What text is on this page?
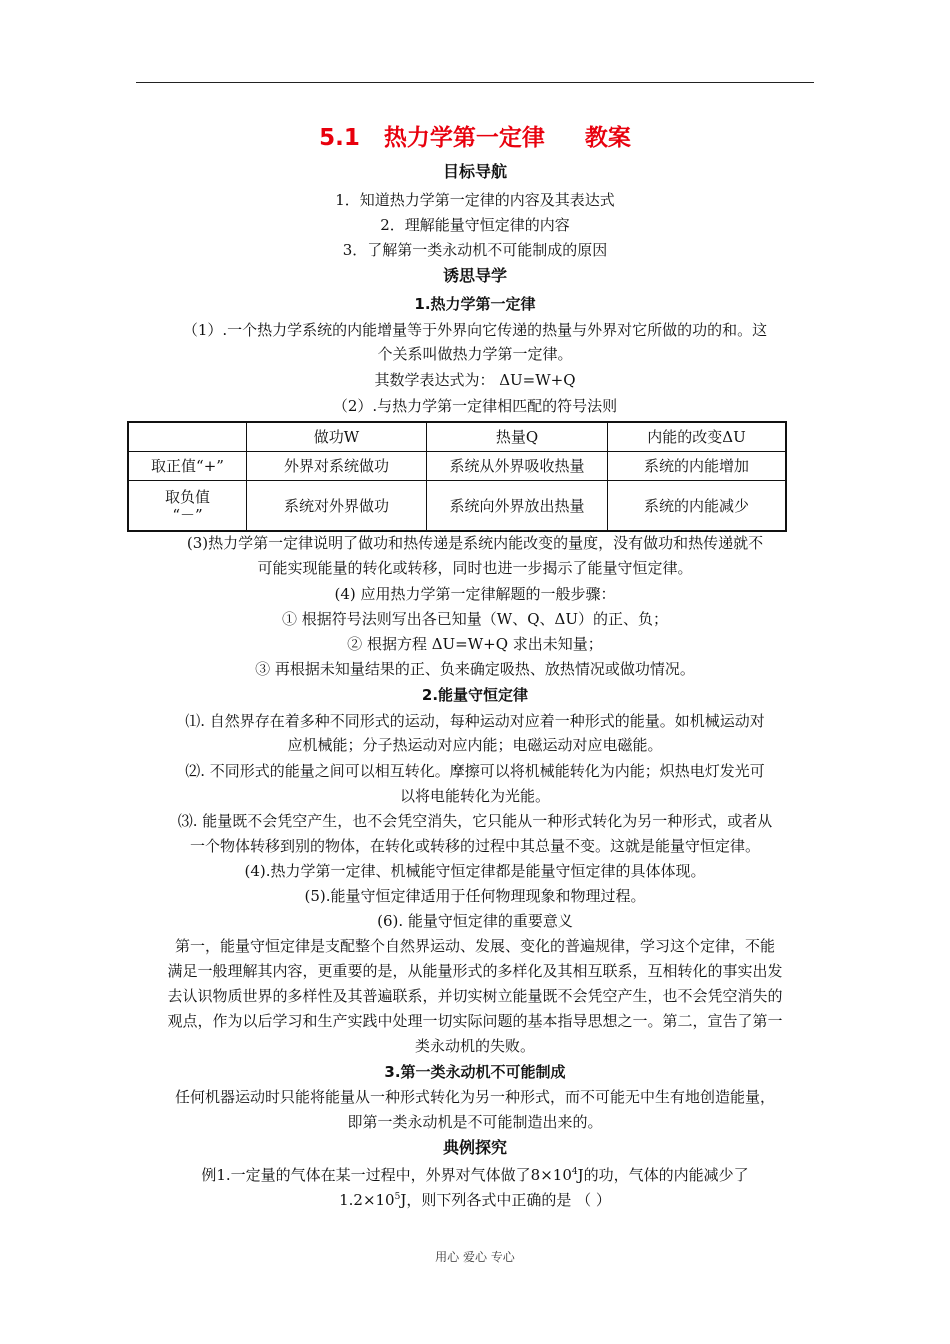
5.1   热力学第一定律     教案
目标导航
1．知道热力学第一定律的内容及其表达式
2．理解能量守恒定律的内容
3．了解第一类永动机不可能制成的原因
诱思导学
1.热力学第一定律
（1）.一个热力学系统的内能增量等于外界向它传递的热量与外界对它所做的功的和。这
个关系叫做热力学第一定律。
其数学表达式为： ΔU=W+Q
（2）.与热力学第一定律相匹配的符号法则
	做功W	热量Q	内能的改变ΔU
取正值“+”	外界对系统做功	系统从外界吸收热量	系统的内能增加

取负值
“－”	系统对外界做功	系统向外界放出热量	系统的内能减少
(3)热力学第一定律说明了做功和热传递是系统内能改变的量度，没有做功和热传递就不
可能实现能量的转化或转移，同时也进一步揭示了能量守恒定律。
(4) 应用热力学第一定律解题的一般步骤：
① 根据符号法则写出各已知量（W、Q、ΔU）的正、负；
② 根据方程 ΔU=W+Q 求出未知量；
③ 再根据未知量结果的正、负来确定吸热、放热情况或做功情况。
2.能量守恒定律
⑴. 自然界存在着多种不同形式的运动，每种运动对应着一种形式的能量。如机械运动对
应机械能；分子热运动对应内能；电磁运动对应电磁能。
⑵. 不同形式的能量之间可以相互转化。摩擦可以将机械能转化为内能；炽热电灯发光可
以将电能转化为光能。
⑶. 能量既不会凭空产生，也不会凭空消失，它只能从一种形式转化为另一种形式，或者从
一个物体转移到别的物体，在转化或转移的过程中其总量不变。这就是能量守恒定律。
(4).热力学第一定律、机械能守恒定律都是能量守恒定律的具体体现。
(5).能量守恒定律适用于任何物理现象和物理过程。
(6). 能量守恒定律的重要意义
第一，能量守恒定律是支配整个自然界运动、发展、变化的普遍规律，学习这个定律，不能
满足一般理解其内容，更重要的是，从能量形式的多样化及其相互联系，互相转化的事实出发
去认识物质世界的多样性及其普遍联系，并切实树立能量既不会凭空产生，也不会凭空消失的
观点，作为以后学习和生产实践中处理一切实际问题的基本指导思想之一。第二，宣告了第一
类永动机的失败。
3.第一类永动机不可能制成
任何机器运动时只能将能量从一种形式转化为另一种形式，而不可能无中生有地创造能量，
即第一类永动机是不可能制造出来的。
典例探究
例1.一定量的气体在某一过程中，外界对气体做了$8\times 10^4J$的功，气体的内能减少了
$1.2\times 10^5J$，则下列各式中正确的是 （ ）
用心 爱心 专心
